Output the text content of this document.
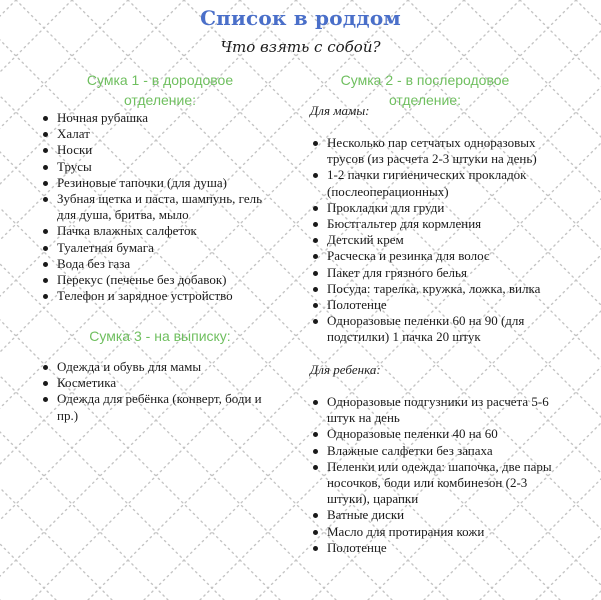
Список в роддом
Что взять с собой?
Сумка 1 - в дородовое
отделение:
Ночная рубашка
Халат
Носки
Трусы
Резиновые тапочки (для душа)
Зубная щетка и паста, шампунь, гель для душа, бритва, мыло
Пачка влажных салфеток
Туалетная бумага
Вода без газа
Перекус (печенье без добавок)
Телефон и зарядное устройство
Сумка 3 - на выписку:
Одежда и обувь для мамы
Косметика
Одежда для ребёнка (конверт, боди и пр.)
Сумка 2 - в послеродовое
отделение:
Для мамы:
Несколько пар сетчатых одноразовых трусов (из расчета 2-3 штуки на день)
1-2 пачки гигиенических прокладок (послеоперационных)
Прокладки для груди
Бюстгальтер для кормления
Детский крем
Расческа и резинка для волос
Пакет для грязного белья
Посуда: тарелка, кружка, ложка, вилка
Полотенце
Одноразовые пеленки 60 на 90 (для подстилки) 1 пачка 20 штук
Для ребенка:
Одноразовые подгузники из расчета 5-6 штук на день
Одноразовые пеленки 40 на 60
Влажные салфетки без запаха
Пеленки или одежда: шапочка, две пары носочков, боди или комбинезон (2-3 штуки), царапки
Ватные диски
Масло для протирания кожи
Полотенце
